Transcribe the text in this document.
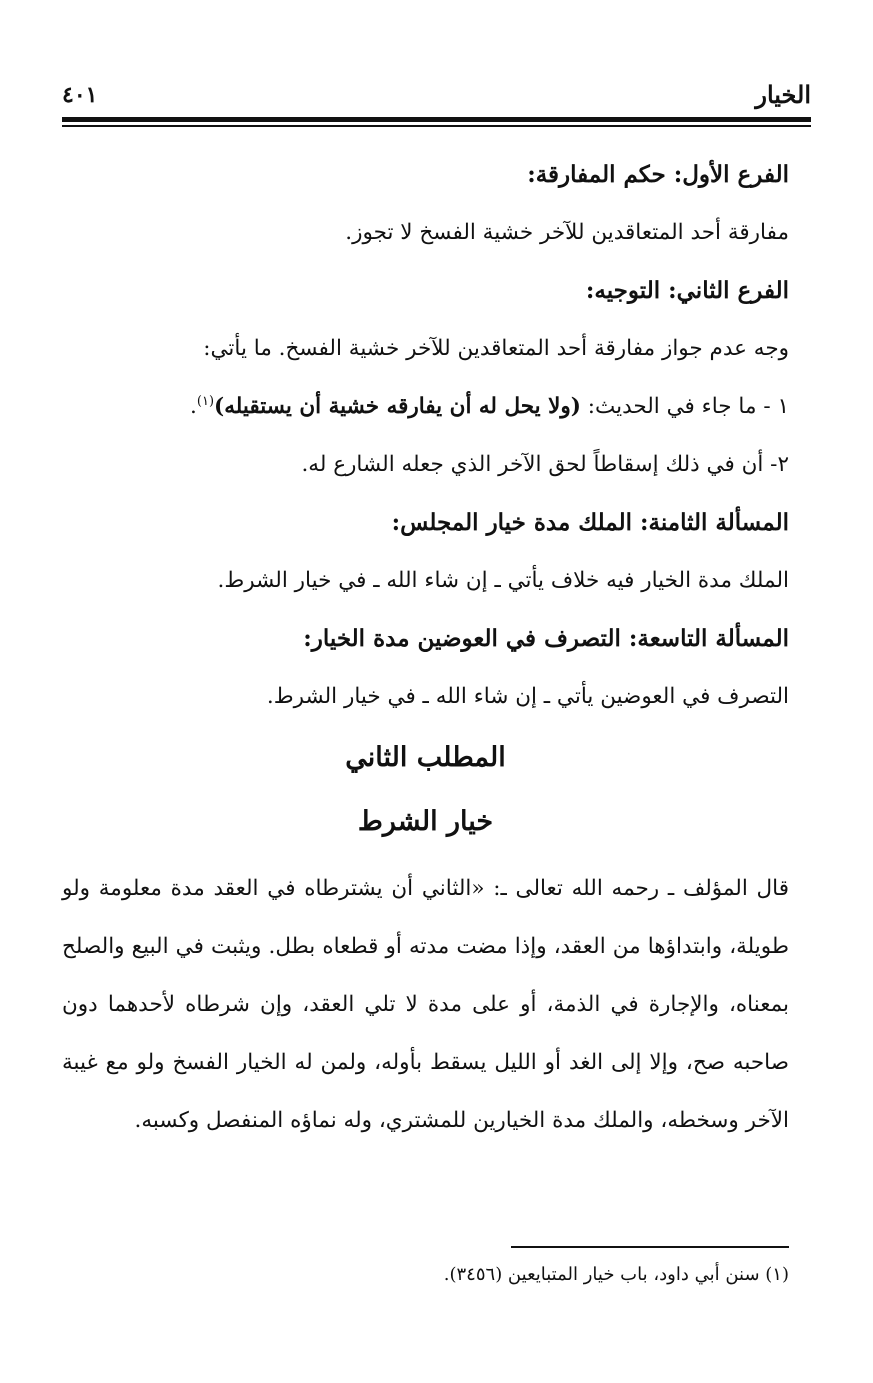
الخيار
٤٠١

الفرع الأول: حكم المفارقة:

مفارقة أحد المتعاقدين للآخر خشية الفسخ لا تجوز.

الفرع الثاني: التوجيه:

وجه عدم جواز مفارقة أحد المتعاقدين للآخر خشية الفسخ. ما يأتي:

١ - ما جاء في الحديث: (ولا يحل له أن يفارقه خشية أن يستقيله)$^{(١)}$.

٢- أن في ذلك إسقاطاً لحق الآخر الذي جعله الشارع له.

المسألة الثامنة: الملك مدة خيار المجلس:

الملك مدة الخيار فيه خلاف يأتي ـ إن شاء الله ـ في خيار الشرط.

المسألة التاسعة: التصرف في العوضين مدة الخيار:

التصرف في العوضين يأتي ـ إن شاء الله ـ في خيار الشرط.

المطلب الثاني

خيار الشرط

قال المؤلف ـ رحمه الله تعالى ـ: «الثاني أن يشترطاه في العقد مدة معلومة ولو طويلة، وابتداؤها من العقد، وإذا مضت مدته أو قطعاه بطل. ويثبت في البيع والصلح بمعناه، والإجارة في الذمة، أو على مدة لا تلي العقد، وإن شرطاه لأحدهما دون صاحبه صح، وإلا إلى الغد أو الليل يسقط بأوله، ولمن له الخيار الفسخ ولو مع غيبة الآخر وسخطه، والملك مدة الخيارين للمشتري، وله نماؤه المنفصل وكسبه.

(١) سنن أبي داود، باب خيار المتبايعين (٣٤٥٦).
